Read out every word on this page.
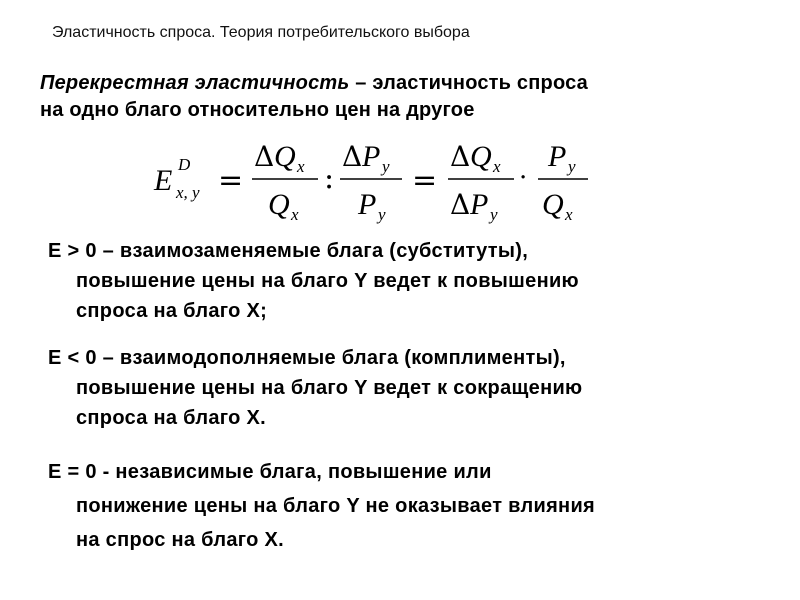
Эластичность спроса. Теория потребительского выбора
Перекрестная эластичность – эластичность спроса
на одно благо относительно цен на другое
E D
x, y =
Δ Q x
Q x
:
Δ P y
P y
=
Δ Q x
Δ P y
·
P y
Q x
E > 0 – взаимозаменяемые блага (субституты),
повышение цены на благо Y ведет к повышению
спроса на благо X;
E < 0 – взаимодополняемые блага (комплименты),
повышение цены на благо Y ведет к сокращению
спроса на благо X.
E = 0 - независимые блага, повышение или
понижение цены на благо Y не оказывает влияния
на спрос на благо X.
